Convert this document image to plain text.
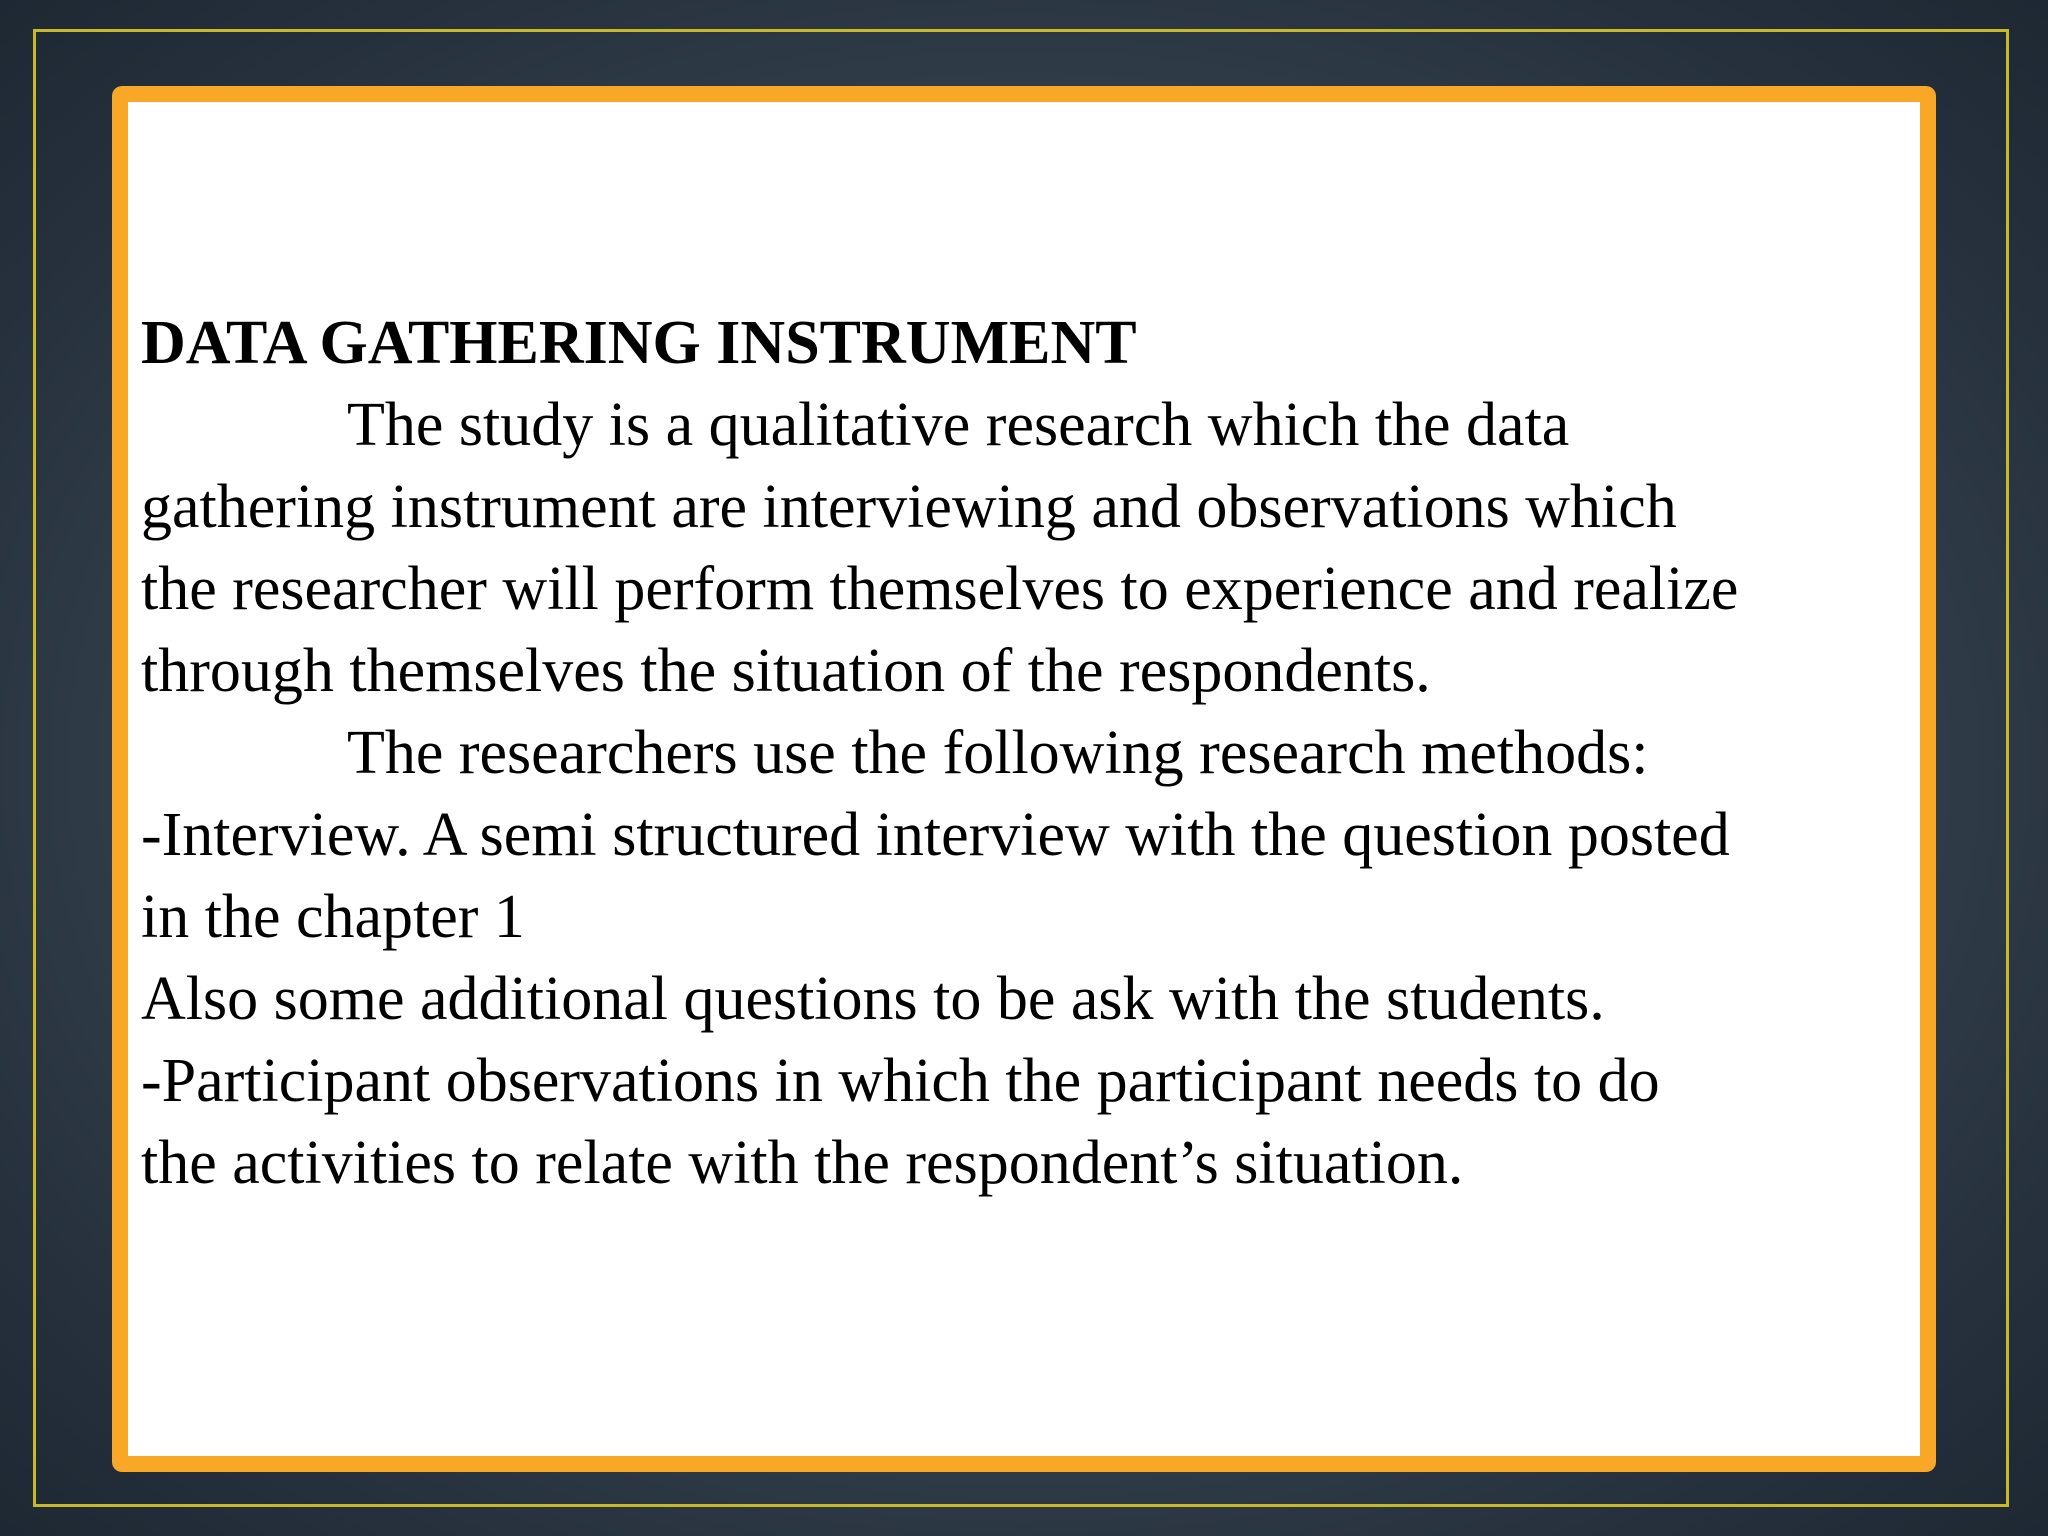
DATA GATHERING INSTRUMENT

The study is a qualitative research which the data

gathering instrument are interviewing and observations which

the researcher will perform themselves to experience and realize

through themselves the situation of the respondents.

The researchers use the following research methods:

-Interview. A semi structured interview with the question posted

in the chapter 1

Also some additional questions to be ask with the students.

-Participant observations in which the participant needs to do

the activities to relate with the respondent’s situation.
